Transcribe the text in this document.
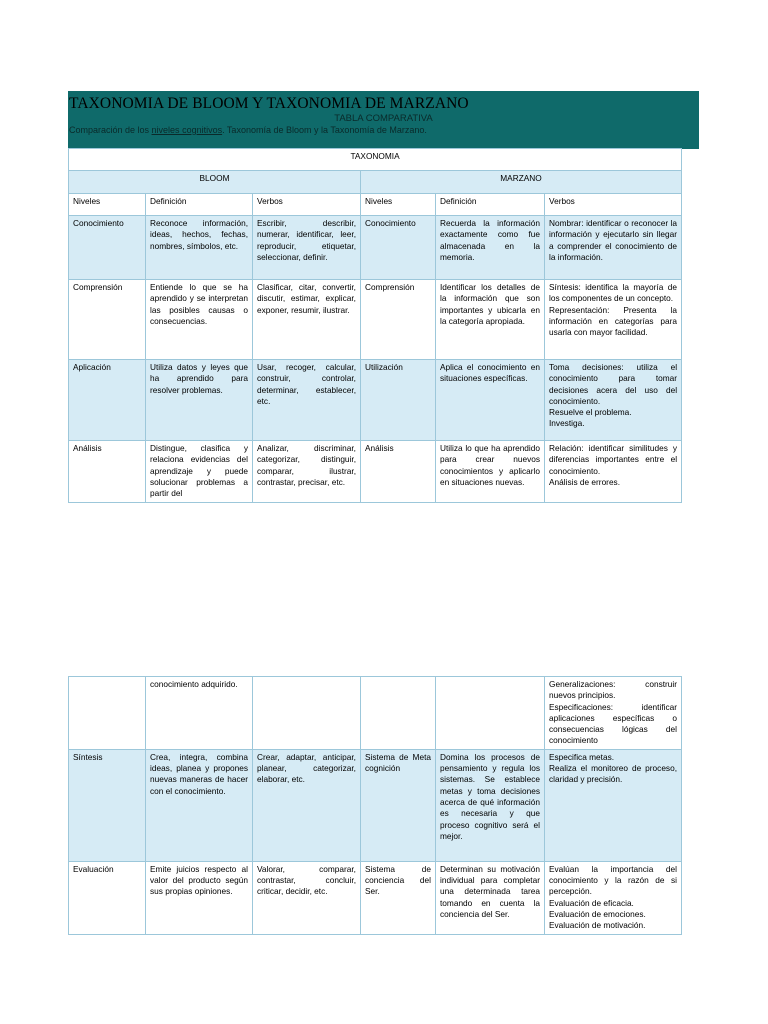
TAXONOMIA DE BLOOM Y TAXONOMIA DE MARZANO
TABLA COMPARATIVA
Comparación de los niveles cognitivos. Taxonomía de Bloom y la Taxonomía de Marzano.
TAXONOMIA					
BLOOM			MARZANO		
Niveles	Definición	Verbos	Niveles	Definición	Verbos
Conocimiento	Reconoce información, ideas, hechos, fechas, nombres, símbolos, etc.	Escribir, describir, numerar, identificar, leer, reproducir, etiquetar, seleccionar, definir.	Conocimiento	Recuerda la información exactamente como fue almacenada en la memoria.	Nombrar: identificar o reconocer la información y ejecutarlo sin llegar a comprender el conocimiento de la información.
Comprensión	Entiende lo que se ha aprendido y se interpretan las posibles causas o consecuencias.	Clasificar, citar, convertir, discutir, estimar, explicar, exponer, resumir, ilustrar.	Comprensión	Identificar los detalles de la información que son importantes y ubicarla en la categoría apropiada.	Síntesis: identifica la mayoría de los componentes de un concepto.
Representación: Presenta la información en categorías para usarla con mayor facilidad.

Aplicación	Utiliza datos y leyes que ha aprendido para resolver problemas.	Usar, recoger, calcular, construir, controlar, determinar, establecer, etc.	Utilización	Aplica el conocimiento en situaciones específicas.	Toma decisiones: utiliza el conocimiento para tomar decisiones acera del uso del conocimiento.
Resuelve el problema.
Investiga.

Análisis	Distingue, clasifica y relaciona evidencias del aprendizaje y puede solucionar problemas a partir del	Analizar, discriminar, categorizar, distinguir, comparar, ilustrar, contrastar, precisar, etc.	Análisis	Utiliza lo que ha aprendido para crear nuevos conocimientos y aplicarlo en situaciones nuevas.	Relación: identificar similitudes y diferencias importantes entre el conocimiento.
Análisis de errores.
	conocimiento adquirido.				Generalizaciones: construir nuevos principios.
Especificaciones: identificar aplicaciones específicas o consecuencias lógicas del conocimiento

Síntesis	Crea, integra, combina ideas, planea y propones nuevas maneras de hacer con el conocimiento.	Crear, adaptar, anticipar, planear, categorizar, elaborar, etc.	Sistema de Meta cognición	Domina los procesos de pensamiento y regula los sistemas. Se establece metas y toma decisiones acerca de qué información es necesaria y que proceso cognitivo será el mejor.	Especifica metas.
Realiza el monitoreo de proceso, claridad y precisión.

Evaluación	Emite juicios respecto al valor del producto según sus propias opiniones.	Valorar, comparar, contrastar, concluir, criticar, decidir, etc.	Sistema de conciencia del Ser.	Determinan su motivación individual para completar una determinada tarea tomando en cuenta la conciencia del Ser.	Evalúan la importancia del conocimiento y la razón de si percepción.
Evaluación de eficacia.
Evaluación de emociones.
Evaluación de motivación.
